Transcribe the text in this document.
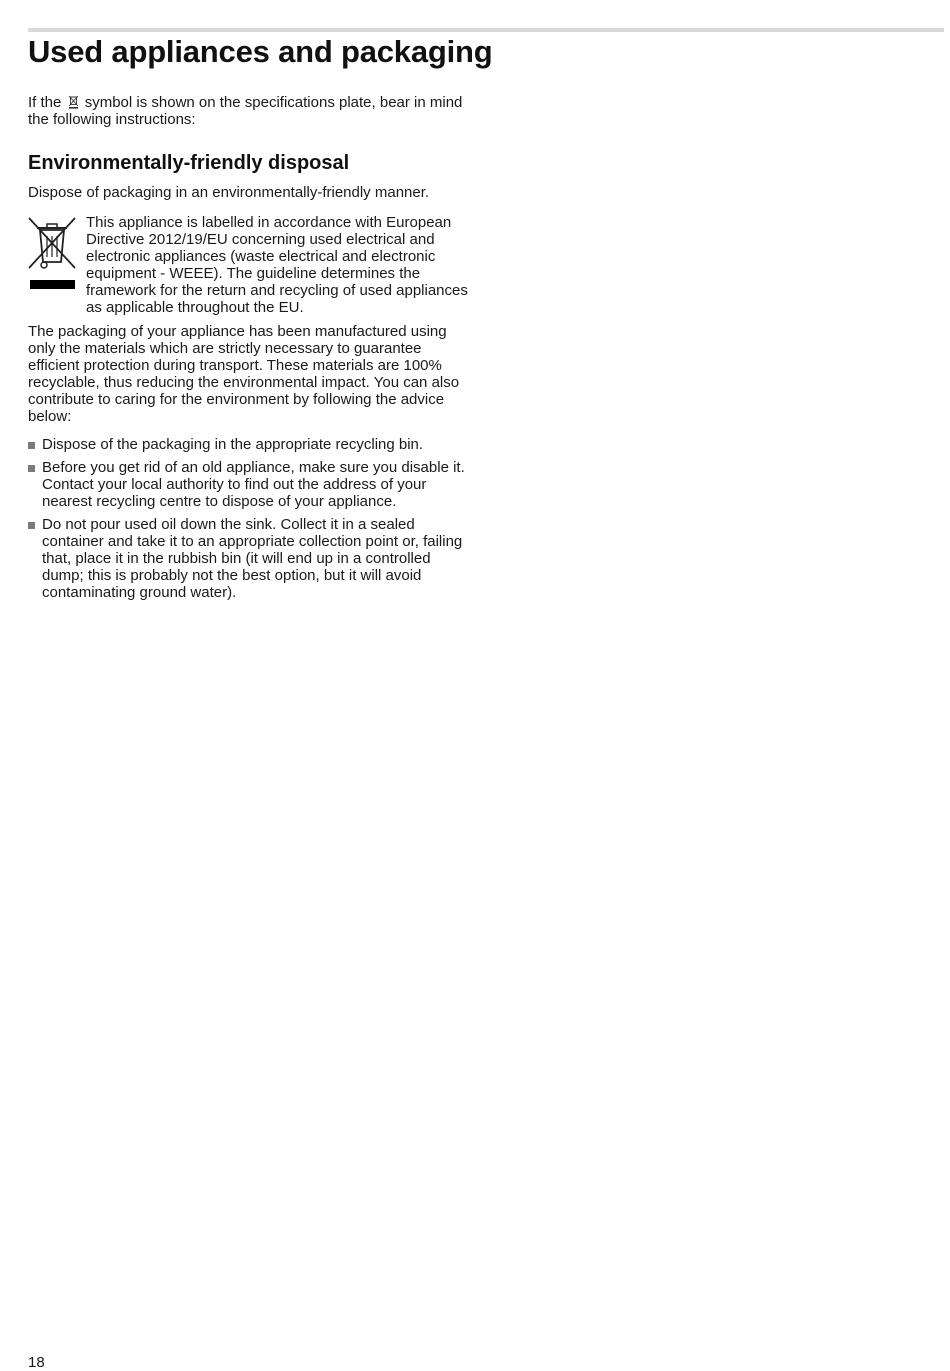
Used appliances and packaging
If the symbol is shown on the specifications plate, bear in mind the following instructions:
Environmentally-friendly disposal
Dispose of packaging in an environmentally-friendly manner.
This appliance is labelled in accordance with European Directive 2012/19/EU concerning used electrical and electronic appliances (waste electrical and electronic equipment - WEEE). The guideline determines the framework for the return and recycling of used appliances as applicable throughout the EU.
The packaging of your appliance has been manufactured using only the materials which are strictly necessary to guarantee efficient protection during transport. These materials are 100% recyclable, thus reducing the environmental impact. You can also contribute to caring for the environment by following the advice below:
Dispose of the packaging in the appropriate recycling bin.
Before you get rid of an old appliance, make sure you disable it. Contact your local authority to find out the address of your nearest recycling centre to dispose of your appliance.
Do not pour used oil down the sink. Collect it in a sealed container and take it to an appropriate collection point or, failing that, place it in the rubbish bin (it will end up in a controlled dump; this is probably not the best option, but it will avoid contaminating ground water).
18
